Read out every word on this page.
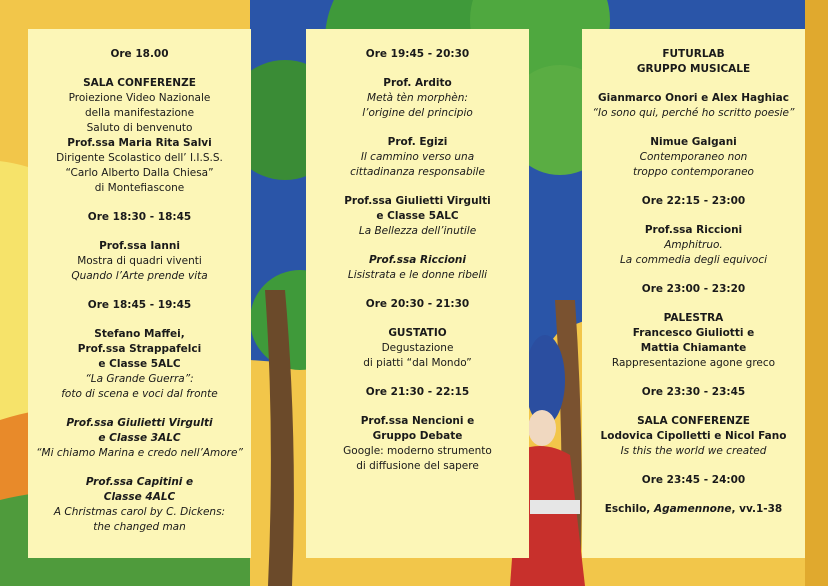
Ore 18.00
SALA CONFERENZE
Proiezione Video Nazionale
della manifestazione
Saluto di benvenuto
Prof.ssa Maria Rita Salvi
Dirigente Scolastico dell’ I.I.S.S.
“Carlo Alberto Dalla Chiesa”
di Montefiascone
Ore 18:30 - 18:45
Prof.ssa Ianni
Mostra di quadri viventi
Quando l’Arte prende vita
Ore 18:45 - 19:45
Stefano Maffei,
Prof.ssa Strappafelci
e Classe 5ALC
“La Grande Guerra”:
foto di scena e voci dal fronte
Prof.ssa Giulietti Virgulti
e Classe 3ALC
“Mi chiamo Marina e credo nell’Amore”
Prof.ssa Capitini e
Classe 4ALC
A Christmas carol by C. Dickens:
the changed man
Ore 19:45 - 20:30
Prof. Ardito
Metà tèn morphèn:
l’origine del principio
Prof. Egizi
Il cammino verso una
cittadinanza responsabile
Prof.ssa Giulietti Virgulti
e Classe 5ALC
La Bellezza dell’inutile
Prof.ssa Riccioni
Lisistrata e le donne ribelli
Ore 20:30 - 21:30
GUSTATIO
Degustazione
di piatti “dal Mondo”
Ore 21:30 - 22:15
Prof.ssa Nencioni e
Gruppo Debate
Google: moderno strumento
di diffusione del sapere
FUTURLAB
GRUPPO MUSICALE
Gianmarco Onori e Alex Haghiac
“Io sono qui, perché ho scritto poesie”
Nimue Galgani
Contemporaneo non
troppo contemporaneo
Ore 22:15 - 23:00
Prof.ssa Riccioni
Amphitruo.
La commedia degli equivoci
Ore 23:00 - 23:20
PALESTRA
Francesco Giuliotti e
Mattia Chiamante
Rappresentazione agone greco
Ore 23:30 - 23:45
SALA CONFERENZE
Lodovica Cipolletti e Nicol Fano
Is this the world we created
Ore 23:45 - 24:00
Eschilo, Agamennone, vv.1-38
